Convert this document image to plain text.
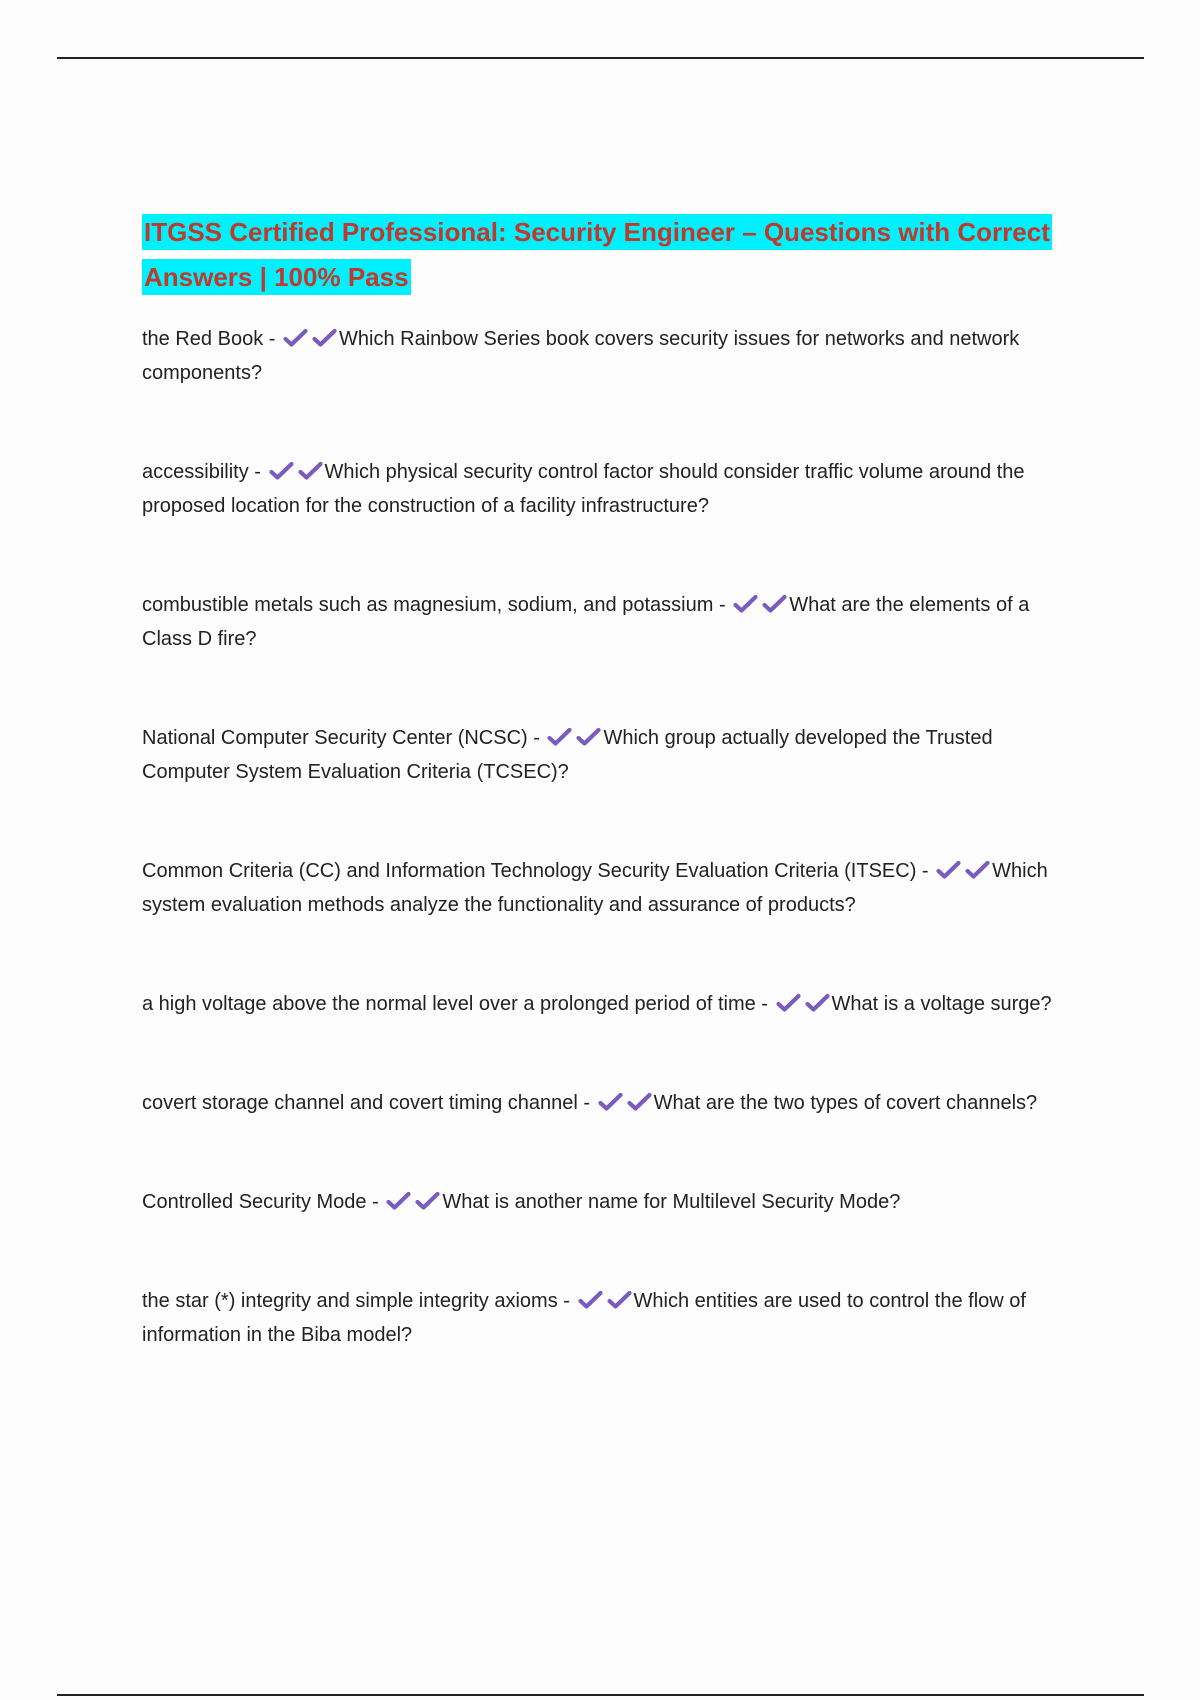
ITGSS Certified Professional: Security Engineer – Questions with Correct Answers | 100% Pass

the Red Book -	Which Rainbow Series book covers security issues for networks and network components?

accessibility -	Which physical security control factor should consider traffic volume around the proposed location for the construction of a facility infrastructure?

combustible metals such as magnesium, sodium, and potassium -	What are the elements of a Class D fire?

National Computer Security Center (NCSC) -	Which group actually developed the Trusted Computer System Evaluation Criteria (TCSEC)?

Common Criteria (CC) and Information Technology Security Evaluation Criteria (ITSEC) -	Which system evaluation methods analyze the functionality and assurance of products?

a high voltage above the normal level over a prolonged period of time -	What is a voltage surge?

covert storage channel and covert timing channel -	What are the two types of covert channels?

Controlled Security Mode -	What is another name for Multilevel Security Mode?

the star (*) integrity and simple integrity axioms -	Which entities are used to control the flow of information in the Biba model?
